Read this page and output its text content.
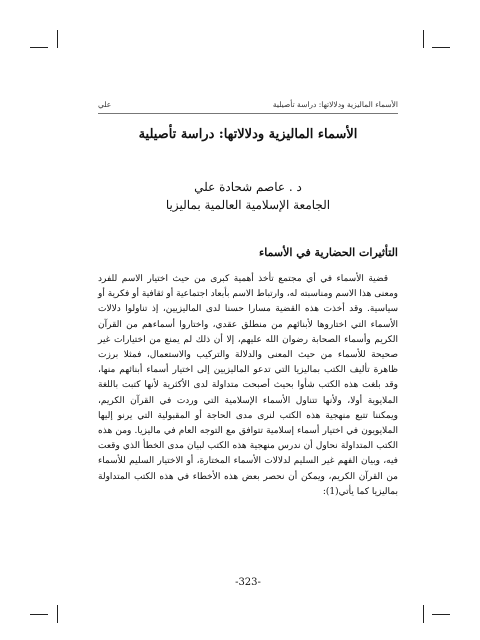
الأسماء الماليزية ودلالاتها: دراسة تأصيلية
علي
الأسماء الماليزية ودلالاتها: دراسة تأصيلية
د . عاصم شحادة علي
الجامعة الإسلامية العالمية بماليزيا
التأثيرات الحضارية في الأسماء

قضية الأسماء في أي مجتمع تأخذ أهمية كبرى من حيث اختيار الاسم للفرد ومعنى هذا الاسم ومناسبته له، وارتباط الاسم بأبعاد اجتماعية أو ثقافية أو فكرية أو سياسية. وقد أخذت هذه القضية مسارا حسنا لدى الماليزيين، إذ تناولوا دلالات الأسماء التي اختاروها لأبنائهم من منطلق عقدي، واختاروا أسماءهم من القرآن الكريم وأسماء الصحابة رضوان الله عليهم، إلا أن ذلك لم يمنع من اختيارات غير صحيحة للأسماء من حيث المعنى والدلالة والتركيب والاستعمال، فمثلا برزت ظاهرة تأليف الكتب بماليزيا التي تدعو الماليزيين إلى اختيار أسماء أبنائهم منها، وقد بلغت هذه الكتب شأوا بحيث أصبحت متداولة لدى الأكثرية لأنها كتبت باللغة الملايوية أولا، ولأنها تتناول الأسماء الإسلامية التي وردت في القرآن الكريم، ويمكننا تتبع منهجية هذه الكتب لنرى مدى الحاجة أو المقبولية التي يرنو إليها الملايويون في اختيار أسماء إسلامية تتوافق مع التوجه العام في ماليزيا. ومن هذه الكتب المتداولة نحاول أن ندرس منهجية هذه الكتب لبيان مدى الخطأ الذي وقعت فيه، وبيان الفهم غير السليم لدلالات الأسماء المختارة، أو الاختيار السليم للأسماء من القرآن الكريم، ويمكن أن نحصر بعض هذه الأخطاء في هذه الكتب المتداولة بماليزيا كما يأتي(1):

-323-
